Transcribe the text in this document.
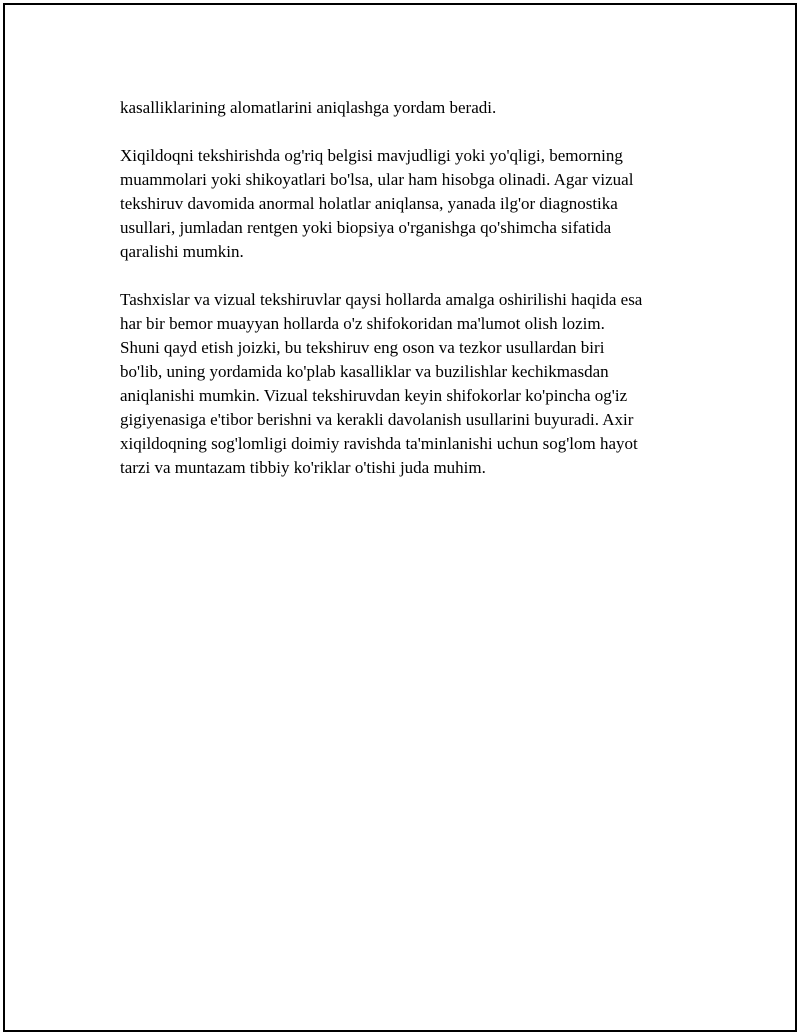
kasalliklarining alomatlarini aniqlashga yordam beradi.
Xiqildoqni tekshirishda og'riq belgisi mavjudligi yoki yo'qligi, bemorning
muammolari yoki shikoyatlari bo'lsa, ular ham hisobga olinadi. Agar vizual
tekshiruv davomida anormal holatlar aniqlansa, yanada ilg'or diagnostika
usullari, jumladan rentgen yoki biopsiya o'rganishga qo'shimcha sifatida
qaralishi mumkin.
Tashxislar va vizual tekshiruvlar qaysi hollarda amalga oshirilishi haqida esa
har bir bemor muayyan hollarda o'z shifokoridan ma'lumot olish lozim.
Shuni qayd etish joizki, bu tekshiruv eng oson va tezkor usullardan biri
bo'lib, uning yordamida ko'plab kasalliklar va buzilishlar kechikmasdan
aniqlanishi mumkin. Vizual tekshiruvdan keyin shifokorlar ko'pincha og'iz
gigiyenasiga e'tibor berishni va kerakli davolanish usullarini buyuradi. Axir
xiqildoqning sog'lomligi doimiy ravishda ta'minlanishi uchun sog'lom hayot
tarzi va muntazam tibbiy ko'riklar o'tishi juda muhim.
